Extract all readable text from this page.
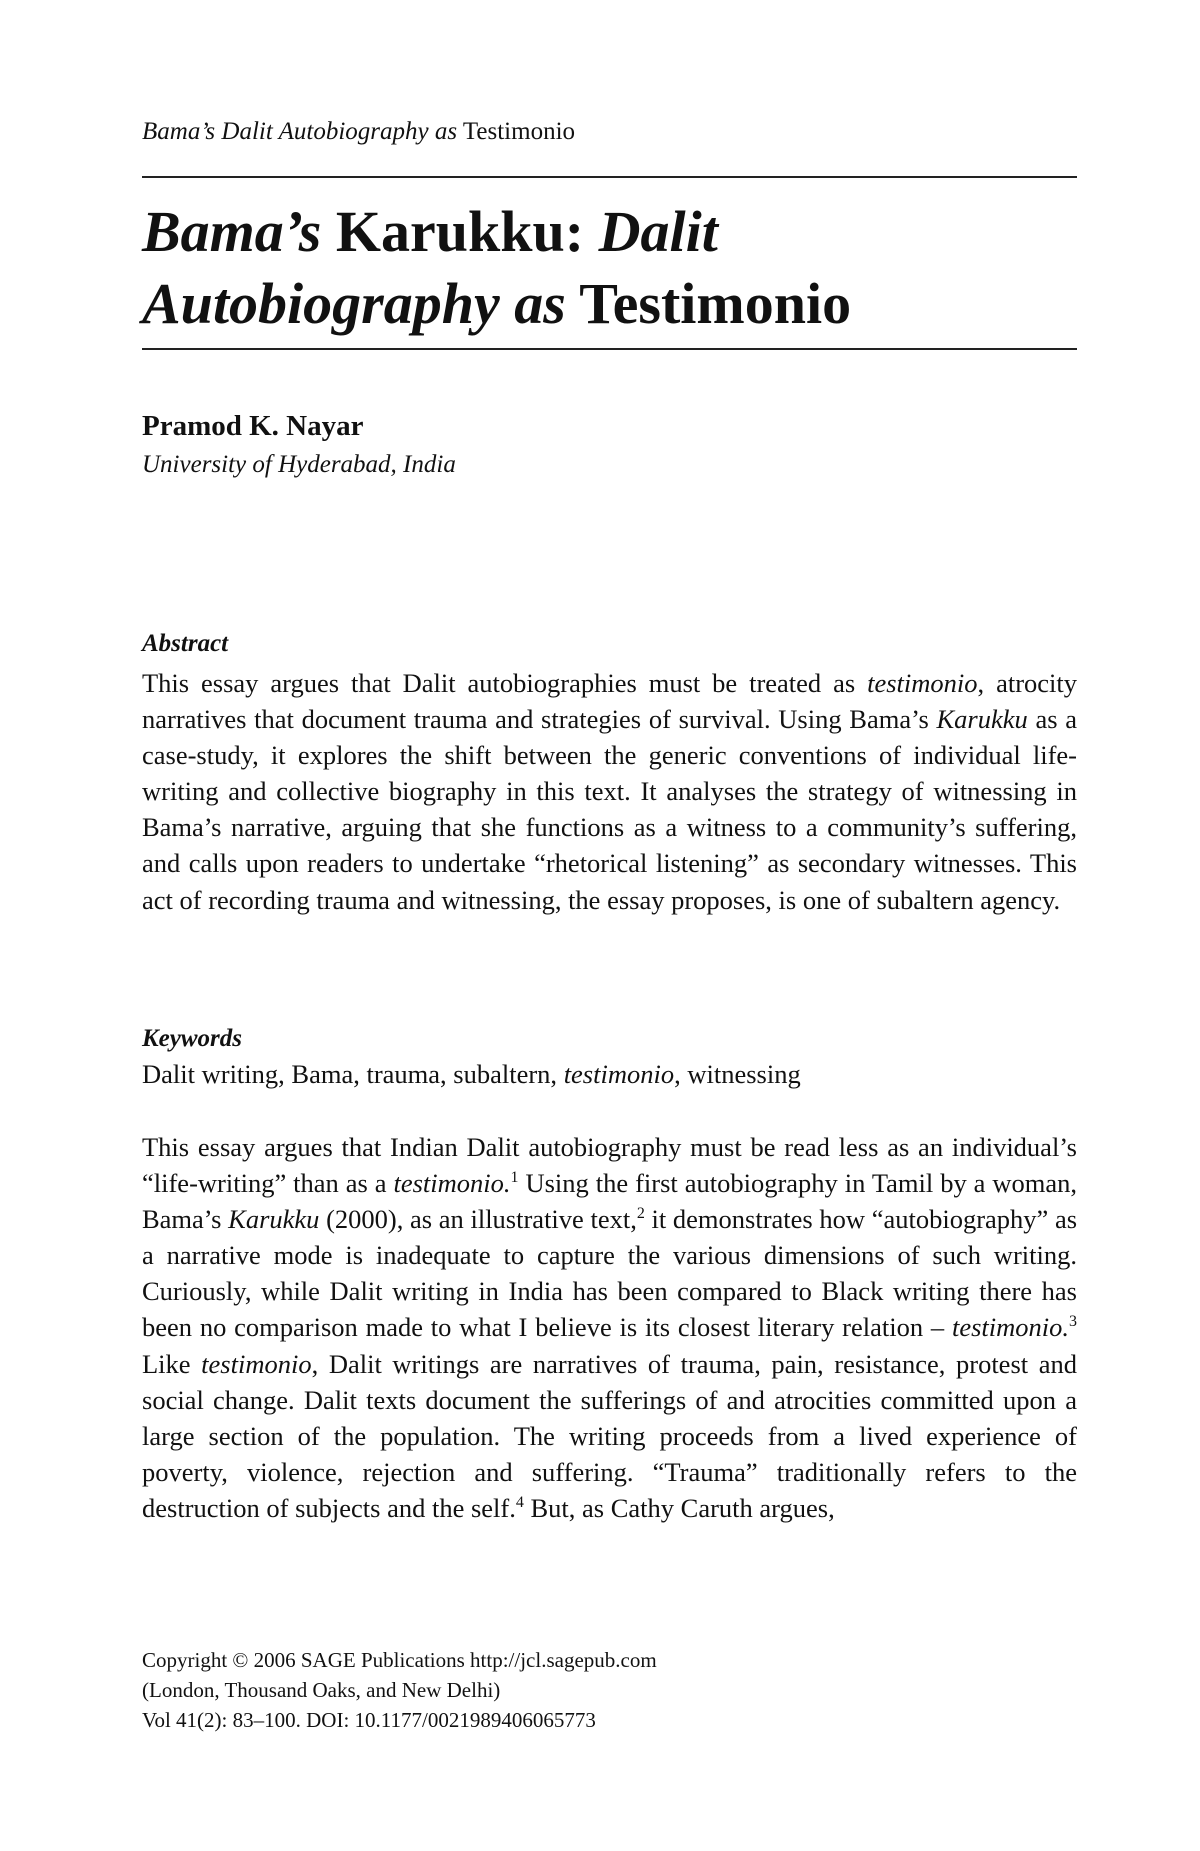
Bama’s Dalit Autobiography as Testimonio
Bama’s Karukku: Dalit Autobiography as Testimonio
Pramod K. Nayar
University of Hyderabad, India
Abstract

This essay argues that Dalit autobiographies must be treated as testimonio, atrocity narratives that document trauma and strategies of survival. Using Bama’s Karukku as a case-study, it explores the shift between the generic conventions of individual life-writing and collective biography in this text. It analyses the strategy of witnessing in Bama’s narrative, arguing that she functions as a witness to a community’s suffering, and calls upon readers to undertake “rhetorical listening” as secondary witnesses. This act of recording trauma and witnessing, the essay proposes, is one of subaltern agency.

Keywords
Dalit writing, Bama, trauma, subaltern, testimonio, witnessing

This essay argues that Indian Dalit autobiography must be read less as an individual’s “life-writing” than as a testimonio.$^1$ Using the first autobiography in Tamil by a woman, Bama’s Karukku (2000), as an illustrative text,$^2$ it demonstrates how “autobiography” as a narrative mode is inadequate to capture the various dimensions of such writing. Curiously, while Dalit writing in India has been compared to Black writing there has been no comparison made to what I believe is its closest literary relation – testimonio.$^3$ Like testimonio, Dalit writings are narratives of trauma, pain, resistance, protest and social change. Dalit texts document the sufferings of and atrocities committed upon a large section of the population. The writing proceeds from a lived experience of poverty, violence, rejection and suffering. “Trauma” traditionally refers to the destruction of subjects and the self.$^4$ But, as Cathy Caruth argues,

Copyright © 2006 SAGE Publications http://jcl.sagepub.com
(London, Thousand Oaks, and New Delhi)
Vol 41(2): 83–100. DOI: 10.1177/0021989406065773
